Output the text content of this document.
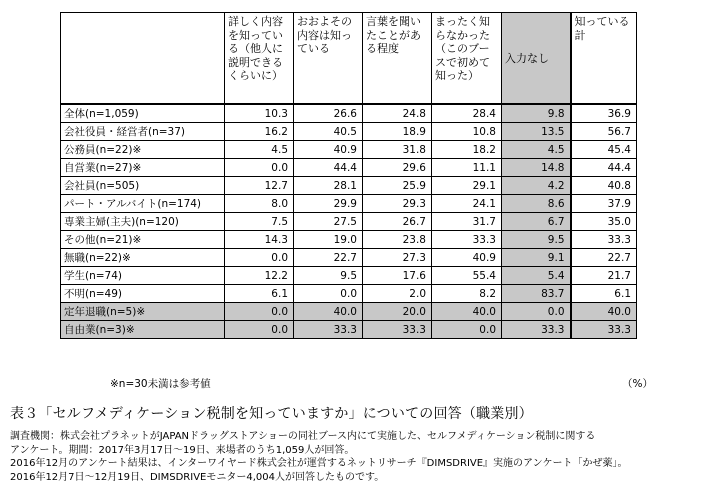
	詳しく内容を知っている（他人に説明できるくらいに）	おおよその内容は知っている	言葉を聞いたことがある程度	まったく知らなかった（このブースで初めて知った）	入力なし	知っている計
全体(n=1,059)	10.3	26.6	24.8	28.4	9.8	36.9
会社役員・経営者(n=37)	16.2	40.5	18.9	10.8	13.5	56.7
公務員(n=22)※	4.5	40.9	31.8	18.2	4.5	45.4
自営業(n=27)※	0.0	44.4	29.6	11.1	14.8	44.4
会社員(n=505)	12.7	28.1	25.9	29.1	4.2	40.8
パート・アルバイト(n=174)	8.0	29.9	29.3	24.1	8.6	37.9
専業主婦(主夫)(n=120)	7.5	27.5	26.7	31.7	6.7	35.0
その他(n=21)※	14.3	19.0	23.8	33.3	9.5	33.3
無職(n=22)※	0.0	22.7	27.3	40.9	9.1	22.7
学生(n=74)	12.2	9.5	17.6	55.4	5.4	21.7
不明(n=49)	6.1	0.0	2.0	8.2	83.7	6.1
定年退職(n=5)※	0.0	40.0	20.0	40.0	0.0	40.0
自由業(n=3)※	0.0	33.3	33.3	0.0	33.3	33.3
※n=30未満は参考値	（%）
表３「セルフメディケーション税制を知っていますか」についての回答（職業別）
調査機関：株式会社プラネットがJAPANドラッグストアショーの同社ブース内にて実施した、セルフメディケーション税制に関する
アンケート。期間：2017年3月17日〜19日、来場者のうち1,059人が回答。
2016年12月のアンケート結果は、インターワイヤード株式会社が運営するネットリサーチ『DIMSDRIVE』実施のアンケート「かぜ薬」。
2016年12月7日〜12月19日、DIMSDRIVEモニター4,004人が回答したものです。
